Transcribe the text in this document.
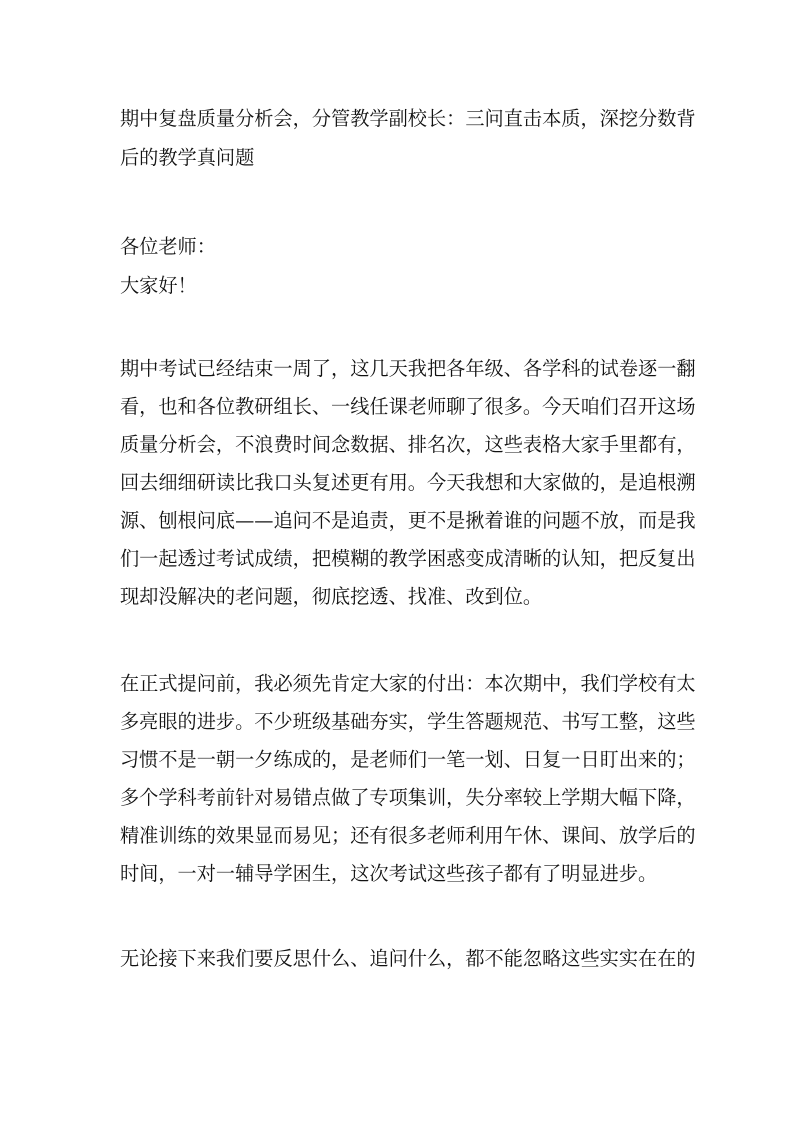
期中复盘质量分析会，分管教学副校长：三问直击本质，深挖分数背
后的教学真问题
各位老师：
大家好！
期中考试已经结束一周了，这几天我把各年级、各学科的试卷逐一翻
看，也和各位教研组长、一线任课老师聊了很多。今天咱们召开这场
质量分析会，不浪费时间念数据、排名次，这些表格大家手里都有，
回去细细研读比我口头复述更有用。今天我想和大家做的，是追根溯
源、刨根问底——追问不是追责，更不是揪着谁的问题不放，而是我
们一起透过考试成绩，把模糊的教学困惑变成清晰的认知，把反复出
现却没解决的老问题，彻底挖透、找准、改到位。
在正式提问前，我必须先肯定大家的付出：本次期中，我们学校有太
多亮眼的进步。不少班级基础夯实，学生答题规范、书写工整，这些
习惯不是一朝一夕练成的，是老师们一笔一划、日复一日盯出来的；
多个学科考前针对易错点做了专项集训，失分率较上学期大幅下降，
精准训练的效果显而易见；还有很多老师利用午休、课间、放学后的
时间，一对一辅导学困生，这次考试这些孩子都有了明显进步。
无论接下来我们要反思什么、追问什么，都不能忽略这些实实在在的
